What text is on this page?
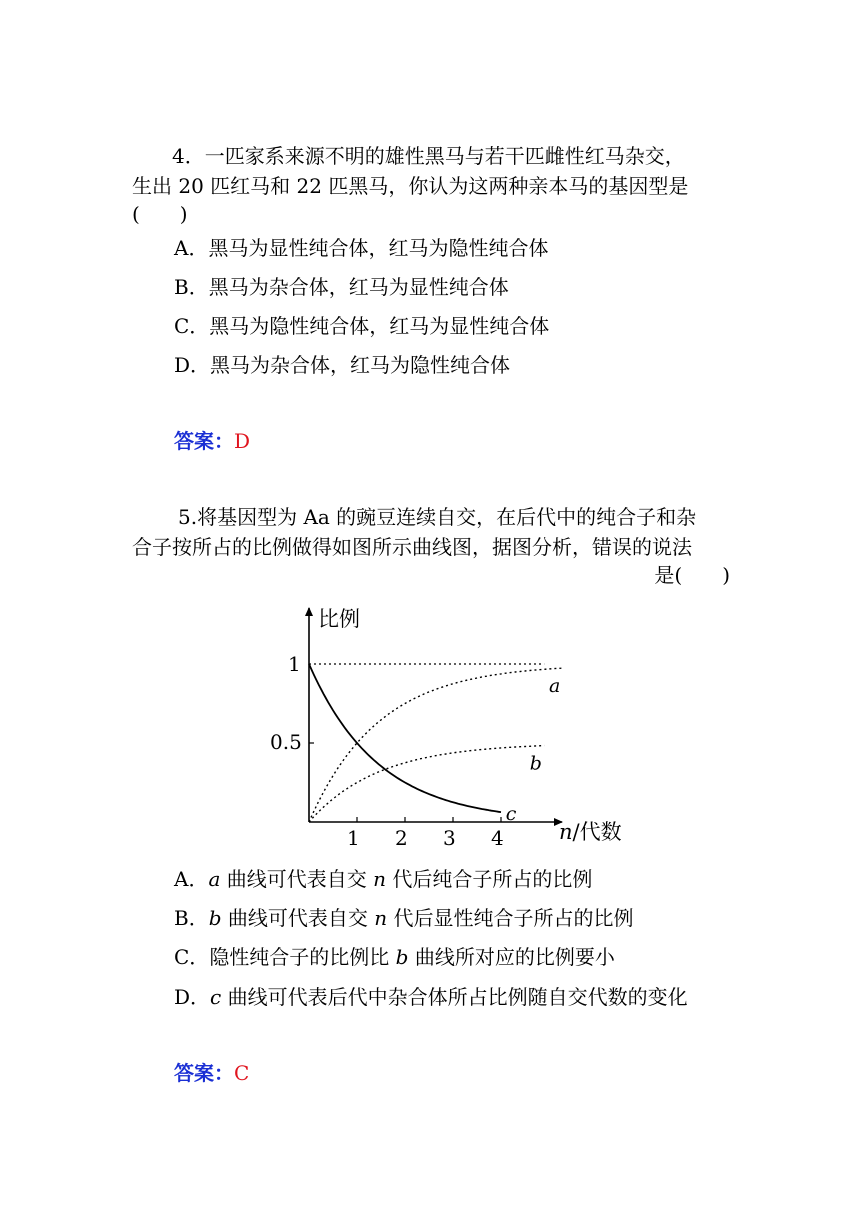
4．一匹家系来源不明的雄性黑马与若干匹雌性红马杂交，
生出 20 匹红马和 22 匹黑马，你认为这两种亲本马的基因型是
(　　)
A．黑马为显性纯合体，红马为隐性纯合体
B．黑马为杂合体，红马为显性纯合体
C．黑马为隐性纯合体，红马为显性纯合体
D．黑马为杂合体，红马为隐性纯合体
答案：D
5.将基因型为 Aa 的豌豆连续自交，在后代中的纯合子和杂
合子按所占的比例做得如图所示曲线图，据图分析，错误的说法
是(　　)
比例
n/代数
1
0.5
1 2 3 4
a
b
c
A．a 曲线可代表自交 n 代后纯合子所占的比例
B．b 曲线可代表自交 n 代后显性纯合子所占的比例
C．隐性纯合子的比例比 b 曲线所对应的比例要小
D．c 曲线可代表后代中杂合体所占比例随自交代数的变化
答案：C
